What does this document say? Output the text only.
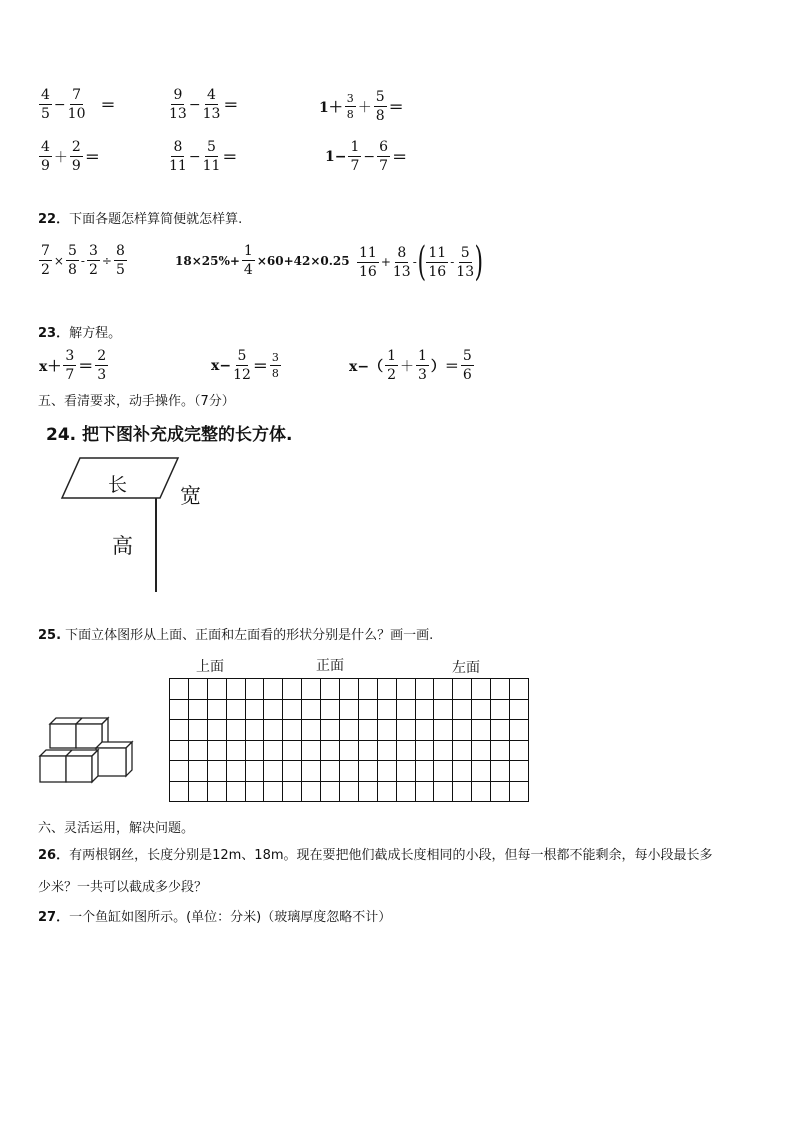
$\frac{4}{5} - \frac{7}{10}$ ＝	$\frac{9}{13} - \frac{4}{13}$ ＝	$1+ \frac{3}{8} + \frac{5}{8}$ ＝
$\frac{4}{9} + \frac{2}{9}$ ＝	$\frac{8}{11} - \frac{5}{11}$ ＝	$1- \frac{1}{7} - \frac{6}{7}$ ＝
22．下面各题怎样算简便就怎样算.
$\frac{7}{2} \times \frac{5}{8} - \frac{3}{2} \div \frac{8}{5}$	$18\times 25\%+ \frac{1}{4} \times 60+42\times 0.25 \frac{11}{16} + \frac{8}{13}$ - ( $\frac{11}{16} - \frac{5}{13}$ )
23．解方程。
$x+ \frac{3}{7} = \frac{2}{3}$	$x- \frac{5}{12} = \frac{3}{8}$	$x-( \frac{1}{2} + \frac{1}{3}$ ）＝ $\frac{5}{6}$
五、看清要求，动手操作。（7分）
24. 把下图补充成完整的长方体.
长	宽
高
25. 下面立体图形从上面、正面和左面看的形状分别是什么？画一画.
上面	正面	左面

六、灵活运用，解决问题。
26．有两根钢丝，长度分别是12m、18m。现在要把他们截成长度相同的小段，但每一根都不能剩余，每小段最长多
少米？一共可以截成多少段？
27．一个鱼缸如图所示。(单位：分米)（玻璃厚度忽略不计）
